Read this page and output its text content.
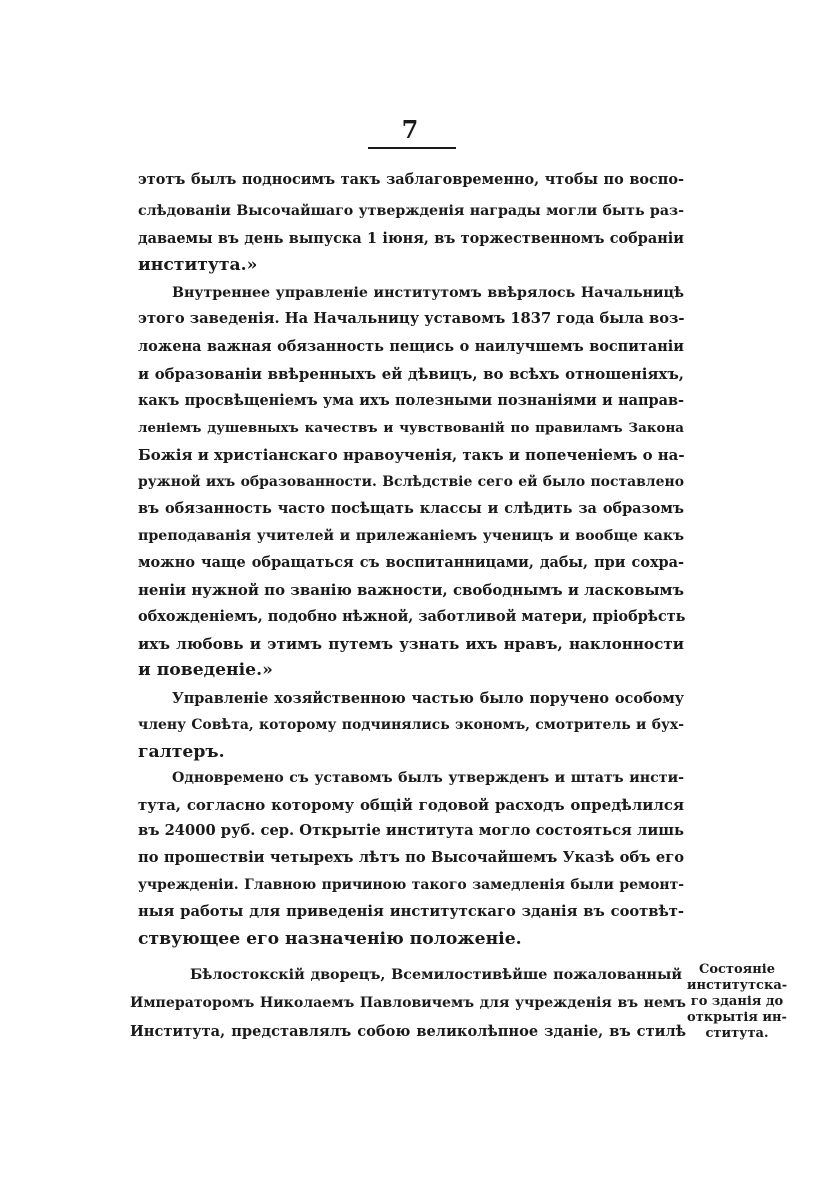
7
этотъ былъ подносимъ такъ заблаговременно, чтобы по воспо-
слѣдованіи Высочайшаго утвержденія награды могли быть раз-
даваемы въ день выпуска 1 іюня, въ торжественномъ собраніи
института.»
Внутреннее управленіе институтомъ ввѣрялось Начальницѣ
этого заведенія. На Начальницу уставомъ 1837 года была воз-
ложена важная обязанность пещись о наилучшемъ воспитаніи
и образованіи ввѣренныхъ ей дѣвицъ, во всѣхъ отношеніяхъ,
какъ просвѣщеніемъ ума ихъ полезными познаніями и направ-
леніемъ душевныхъ качествъ и чувствованій по правиламъ Закона
Божія и христіанскаго нравоученія, такъ и попеченіемъ о на-
ружной ихъ образованности. Вслѣдствіе сего ей было поставлено
въ обязанность часто посѣщать классы и слѣдить за образомъ
преподаванія учителей и прилежаніемъ ученицъ и вообще какъ
можно чаще обращаться съ воспитанницами, дабы, при сохра-
неніи нужной по званію важности, свободнымъ и ласковымъ
обхожденіемъ, подобно нѣжной, заботливой матери, пріобрѣсть
ихъ любовь и этимъ путемъ узнать ихъ нравъ, наклонности
и поведеніе.»
Управленіе хозяйственною частью было поручено особому
члену Совѣта, которому подчинялись экономъ, смотритель и бух-
галтеръ.
Одновремено съ уставомъ былъ утвержденъ и штатъ инсти-
тута, согласно которому общій годовой расходъ опредѣлился
въ 24000 руб. сер. Открытіе института могло состояться лишь
по прошествіи четырехъ лѣтъ по Высочайшемъ Указѣ объ его
учрежденіи. Главною причиною такого замедленія были ремонт-
ныя работы для приведенія институтскаго зданія въ соотвѣт-
ствующее его назначенію положеніе.
Бѣлостокскій дворецъ, Всемилостивѣйше пожалованный
Императоромъ Николаемъ Павловичемъ для учрежденія въ немъ
Института, представлялъ собою великолѣпное зданіе, въ стилѣ
Состояніе
институтска-
го зданія до
открытія ин-
ститута.
